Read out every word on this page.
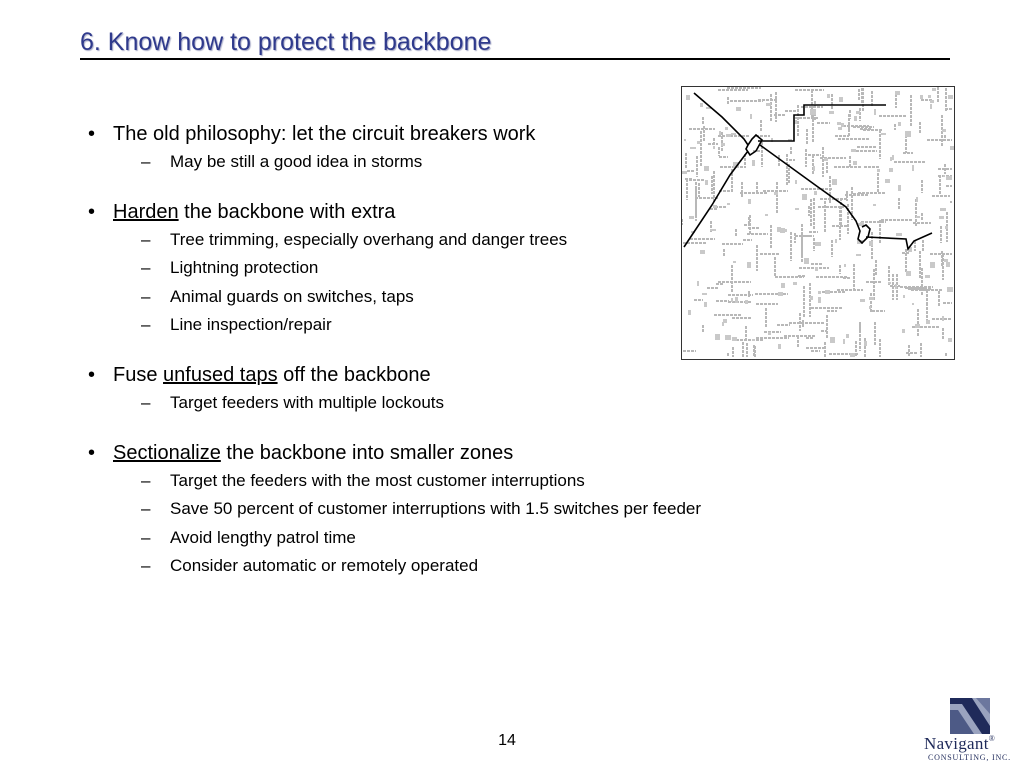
6. Know how to protect the backbone
• The old philosophy: let the circuit breakers work
– May be still a good idea in storms
• Harden the backbone with extra
– Tree trimming, especially overhang and danger trees
– Lightning protection
– Animal guards on switches, taps
– Line inspection/repair
• Fuse unfused taps off the backbone
– Target feeders with multiple lockouts
• Sectionalize the backbone into smaller zones
– Target the feeders with the most customer interruptions
– Save 50 percent of customer interruptions with 1.5 switches per feeder
– Avoid lengthy patrol time
– Consider automatic or remotely operated
14	Navigant®
CONSULTING, INC.
